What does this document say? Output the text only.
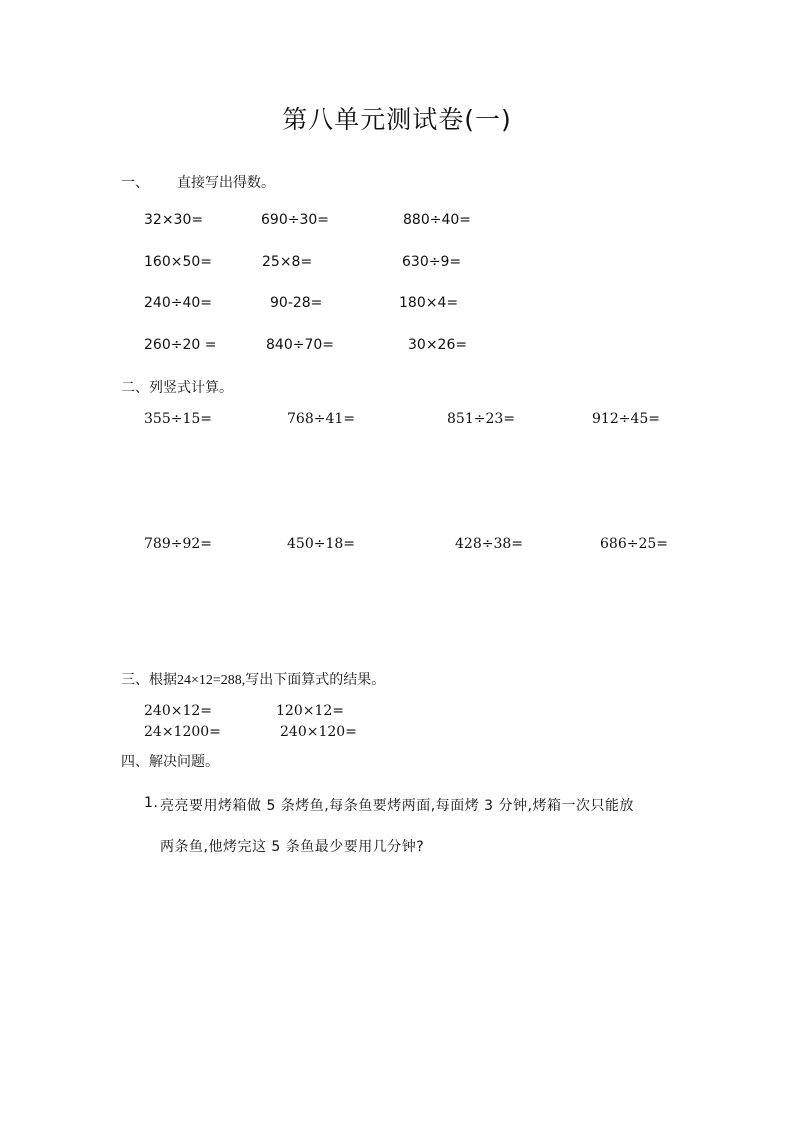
第八单元测试卷(一)
一、 直接写出得数。
32×30=	690÷30=	880÷40=
160×50=	25×8=	630÷9=
240÷40=	90-28=	180×4=
260÷20 =	840÷70=	30×26=
二、列竖式计算。
355÷15=	768÷41=	851÷23=	912÷45=
789÷92=	450÷18=	428÷38=	686÷25=
三、根据24×12=288,写出下面算式的结果。
240×12=	120×12=
24×1200=	240×120=
四、解决问题。
1. 亮亮要用烤箱做 5 条烤鱼,每条鱼要烤两面,每面烤 3 分钟,烤箱一次只能放
两条鱼,他烤完这 5 条鱼最少要用几分钟?
